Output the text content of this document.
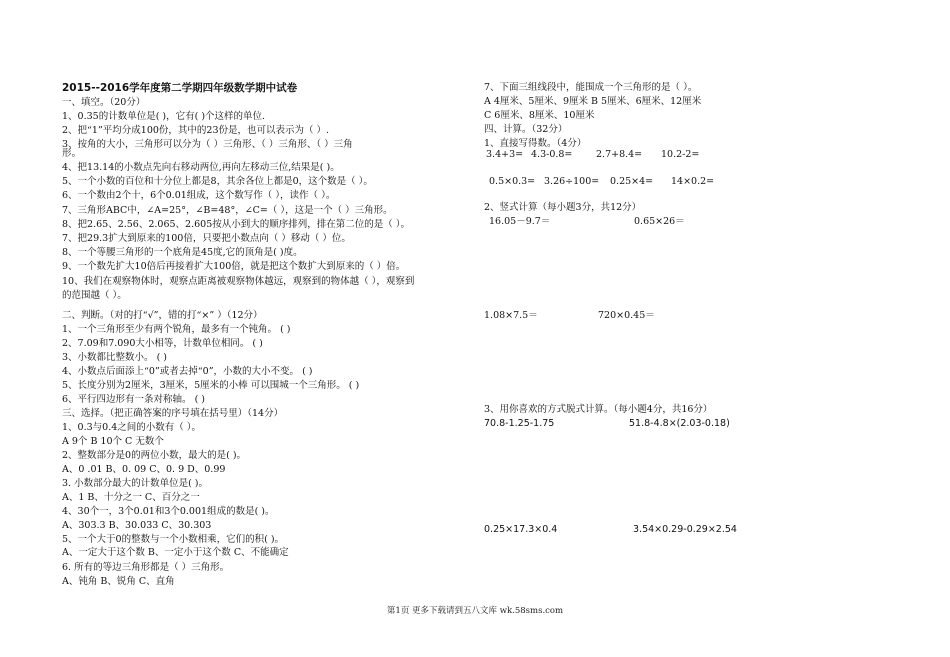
2015--2016学年度第二学期四年级数学期中试卷
一、填空。（20分）
1、0.35的计数单位是( )，它有( )个这样的单位.
2、把“1”平均分成100份，其中的23份是，也可以表示为（ ）.
3、按角的大小，三角形可以分为（ ）三角形、（ ）三角形、（ ）三角
形。
4、把13.14的小数点先向右移动两位,再向左移动三位,结果是( )。
5、一个小数的百位和十分位上都是8，其余各位上都是0，这个数是（ ）。
6、一个数由2个十，6个0.01组成，这个数写作（ ），读作（ ）。
7、三角形ABC中，∠A=25°，∠B=48°，∠C=（ ），这是一个（ ）三角形。
8、把2.65、2.56、2.065、2.605按从小到大的顺序排列，排在第二位的是（ ）。
7、把29.3扩大到原来的100倍，只要把小数点向（ ）移动（ ）位。
8、一个等腰三角形的一个底角是45度,它的顶角是( )度。
9、一个数先扩大10倍后再接着扩大100倍，就是把这个数扩大到原来的（ ）倍。
10、我们在观察物体时，观察点距离被观察物体越远，观察到的物体越（ ），观察到
的范围越（ ）。
二、判断。（对的打“√”，错的打“×” ）（12分）
1、一个三角形至少有两个锐角，最多有一个钝角。 ( )
2、7.09和7.090大小相等，计数单位相同。 ( )
3、小数都比整数小。 ( )
4、小数点后面添上“0”或者去掉“0”，小数的大小不变。 ( )
5、长度分别为2厘米，3厘米，5厘米的小棒 可以围城一个三角形。 ( )
6、平行四边形有一条对称轴。 ( )
三、选择。（把正确答案的序号填在括号里）（14分）
1、0.3与0.4之间的小数有（ ）。
A 9个 B 10个 C 无数个
2、整数部分是0的两位小数，最大的是( )。
A、0 .01 B、0. 09 C、0. 9 D、0.99
3. 小数部分最大的计数单位是( )。
A、1 B、十分之一 C、百分之一
4、30个一，3个0.01和3个0.001组成的数是( )。
A、303.3 B、30.033 C、30.303
5、一个大于0的整数与一个小数相乘，它们的积( )。
A、一定大于这个数 B、一定小于这个数 C、不能确定
6. 所有的等边三角形都是（ ）三角形。
A、钝角 B、锐角 C、直角
7、下面三组线段中，能围成一个三角形的是（ ）。
A 4厘米、5厘米、9厘米 B 5厘米、6厘米、12厘米
C 6厘米、8厘米、10厘米
四、计算。（32分）
1、直接写得数。（4分）
3.4+3= 4.3-0.8= 2.7+8.4= 10.2-2=
0.5×0.3= 3.26÷100= 0.25×4= 14×0.2=
2、竖式计算（每小题3分，共12分）
16.05－9.7＝	0.65×26＝
1.08×7.5＝	720×0.45＝
3、用你喜欢的方式脱式计算。（每小题4分，共16分）
70.8-1.25-1.75	51.8-4.8×(2.03-0.18)
0.25×17.3×0.4	3.54×0.29-0.29×2.54
第1页 更多下载请到五八文库 wk.58sms.com
